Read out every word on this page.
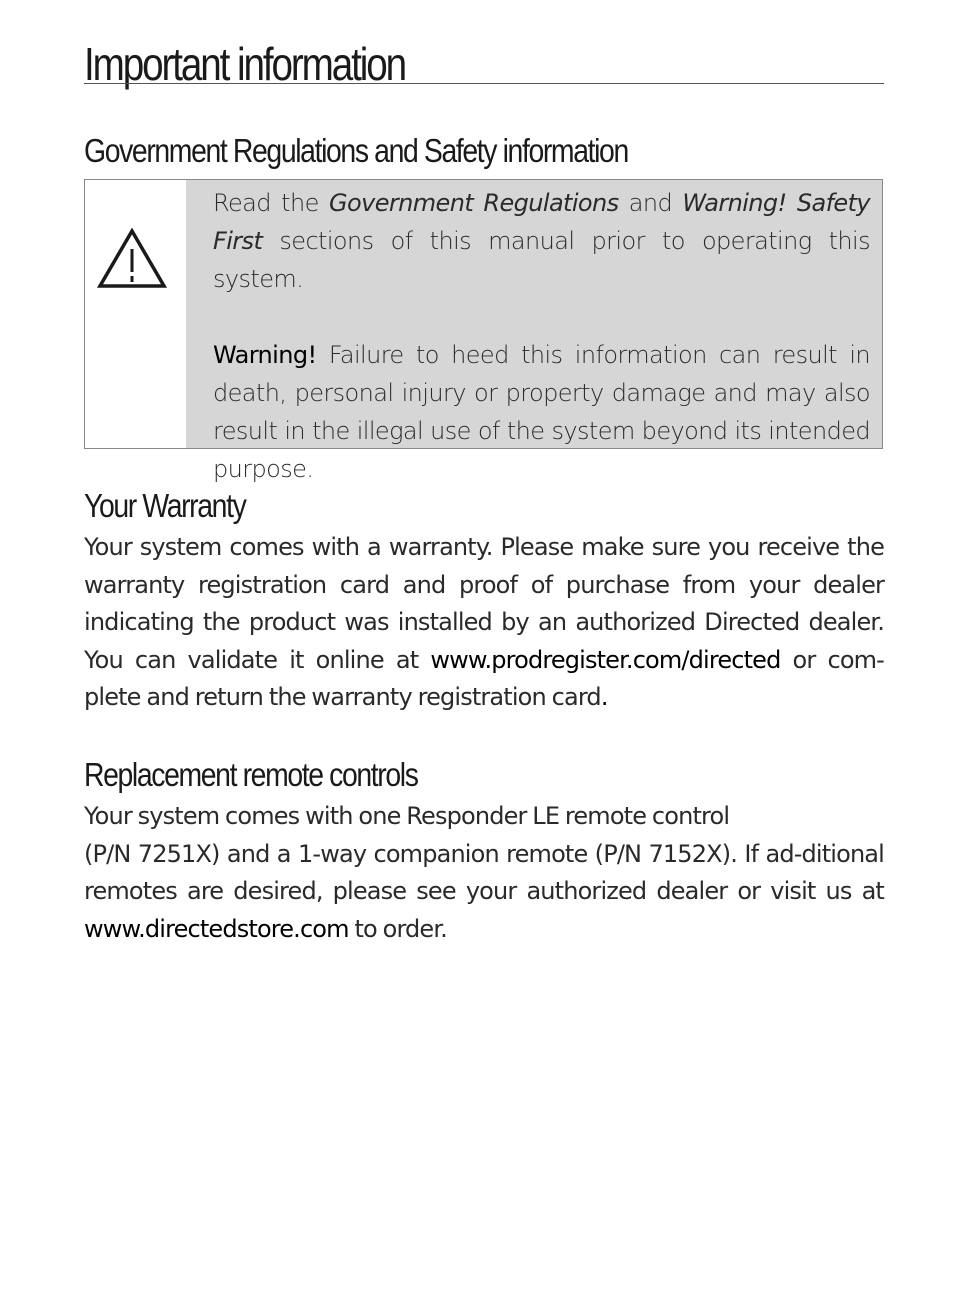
Important information
Government Regulations and Safety information

Read the Government Regulations and Warning! Safety First sections of this manual prior to operating this system.

Warning! Failure to heed this information can result in death, personal injury or property damage and may also result in the illegal use of the system beyond its intended purpose.

Your Warranty

Your system comes with a warranty. Please make sure you receive the warranty registration card and proof of purchase from your dealer indicating the product was installed by an authorized Directed dealer. You can validate it online at www.prodregister.com/directed or com-plete and return the warranty registration card.

Replacement remote controls

Your system comes with one Responder LE remote control
(P/N 7251X) and a 1-way companion remote (P/N 7152X). If ad-ditional remotes are desired, please see your authorized dealer or visit us at www.directedstore.com to order.
